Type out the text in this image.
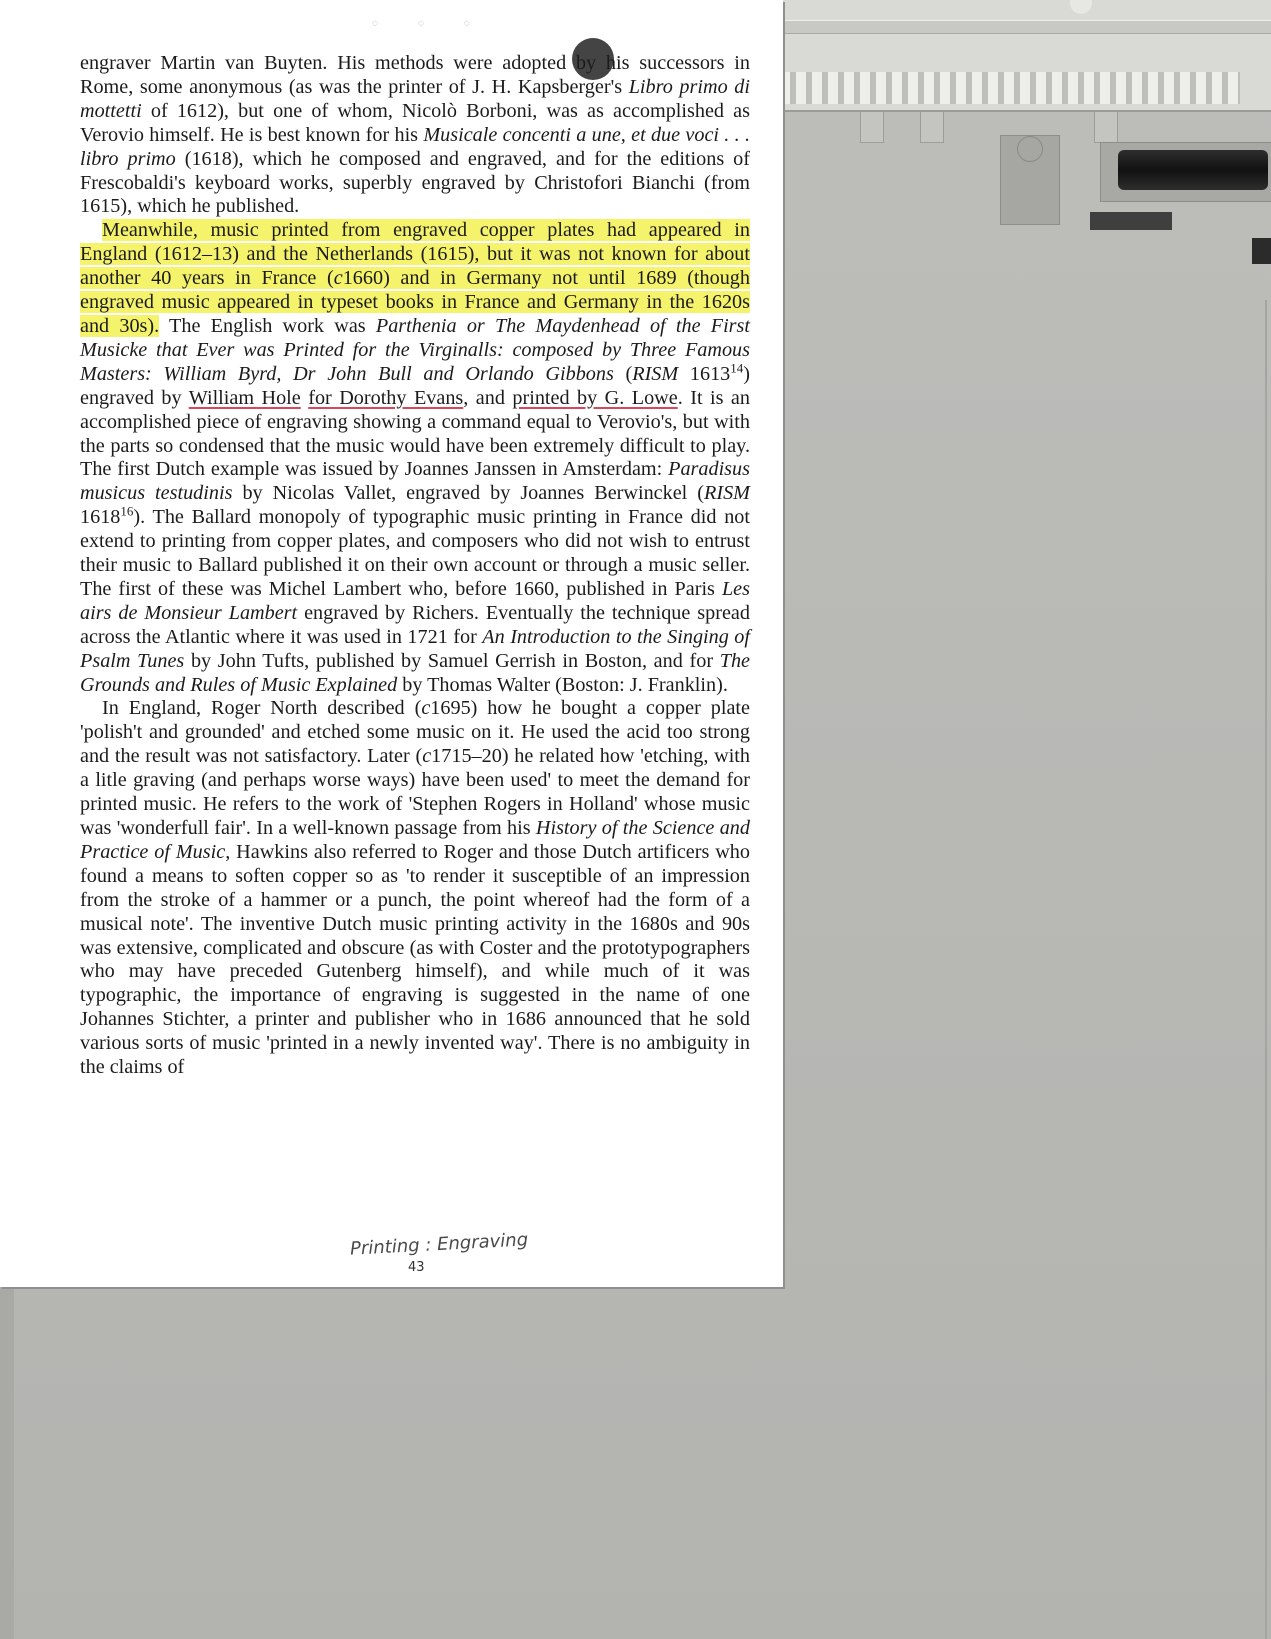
◌◌◌

engraver Martin van Buyten. His methods were adopted by his successors in Rome, some anonymous (as was the printer of J. H. Kapsberger's Libro primo di mottetti of 1612), but one of whom, Nicolò Borboni, was as accomplished as Verovio himself. He is best known for his Musicale concenti a une, et due voci . . . libro primo (1618), which he composed and engraved, and for the editions of Frescobaldi's keyboard works, superbly engraved by Christofori Bianchi (from 1615), which he published.

Meanwhile, music printed from engraved copper plates had appeared in England (1612–13) and the Netherlands (1615), but it was not known for about another 40 years in France (c1660) and in Germany not until 1689 (though engraved music appeared in typeset books in France and Germany in the 1620s and 30s). The English work was Parthenia or The Maydenhead of the First Musicke that Ever was Printed for the Virginalls: composed by Three Famous Masters: William Byrd, Dr John Bull and Orlando Gibbons (RISM 1613$^{14}$) engraved by William Hole for Dorothy Evans, and printed by G. Lowe. It is an accomplished piece of engraving showing a command equal to Verovio's, but with the parts so condensed that the music would have been extremely difficult to play. The first Dutch example was issued by Joannes Janssen in Amsterdam: Paradisus musicus testudinis by Nicolas Vallet, engraved by Joannes Berwinckel (RISM 1618$^{16}$). The Ballard monopoly of typographic music printing in France did not extend to printing from copper plates, and composers who did not wish to entrust their music to Ballard published it on their own account or through a music seller. The first of these was Michel Lambert who, before 1660, published in Paris Les airs de Monsieur Lambert engraved by Richers. Eventually the technique spread across the Atlantic where it was used in 1721 for An Introduction to the Singing of Psalm Tunes by John Tufts, published by Samuel Gerrish in Boston, and for The Grounds and Rules of Music Explained by Thomas Walter (Boston: J. Franklin).

In England, Roger North described (c1695) how he bought a copper plate 'polish't and grounded' and etched some music on it. He used the acid too strong and the result was not satisfactory. Later (c1715–20) he related how 'etching, with a litle graving (and perhaps worse ways) have been used' to meet the demand for printed music. He refers to the work of 'Stephen Rogers in Holland' whose music was 'wonderfull fair'. In a well-known passage from his History of the Science and Practice of Music, Hawkins also referred to Roger and those Dutch artificers who found a means to soften copper so as 'to render it susceptible of an impression from the stroke of a hammer or a punch, the point whereof had the form of a musical note'. The inventive Dutch music printing activity in the 1680s and 90s was extensive, complicated and obscure (as with Coster and the prototypographers who may have preceded Gutenberg himself), and while much of it was typographic, the importance of engraving is suggested in the name of one Johannes Stichter, a printer and publisher who in 1686 announced that he sold various sorts of music 'printed in a newly invented way'. There is no ambiguity in the claims of

Printing : Engraving
43
